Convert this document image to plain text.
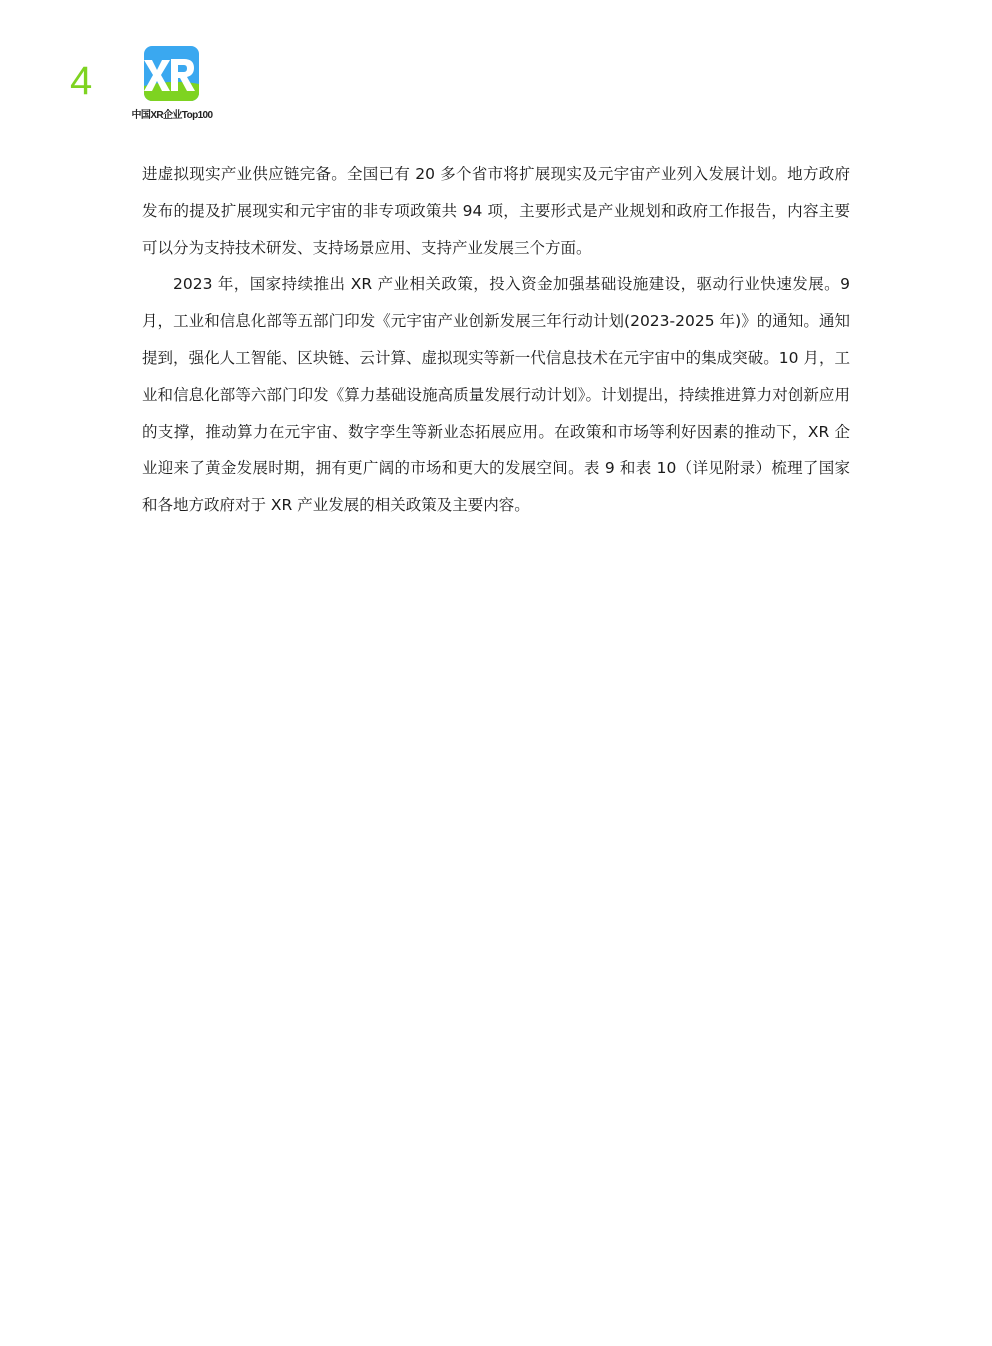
4
中国XR企业Top100

进虚拟现实产业供应链完备。全国已有 20 多个省市将扩展现实及元宇宙产业列入发展计划。地方政府发布的提及扩展现实和元宇宙的非专项政策共 94 项，主要形式是产业规划和政府工作报告，内容主要可以分为支持技术研发、支持场景应用、支持产业发展三个方面。

2023 年，国家持续推出 XR 产业相关政策，投入资金加强基础设施建设，驱动行业快速发展。9 月，工业和信息化部等五部门印发《元宇宙产业创新发展三年行动计划(2023-2025 年)》的通知。通知提到，强化人工智能、区块链、云计算、虚拟现实等新一代信息技术在元宇宙中的集成突破。10 月，工业和信息化部等六部门印发《算力基础设施高质量发展行动计划》。计划提出，持续推进算力对创新应用的支撑，推动算力在元宇宙、数字孪生等新业态拓展应用。在政策和市场等利好因素的推动下，XR 企业迎来了黄金发展时期，拥有更广阔的市场和更大的发展空间。表 9 和表 10（详见附录）梳理了国家和各地方政府对于 XR 产业发展的相关政策及主要内容。
